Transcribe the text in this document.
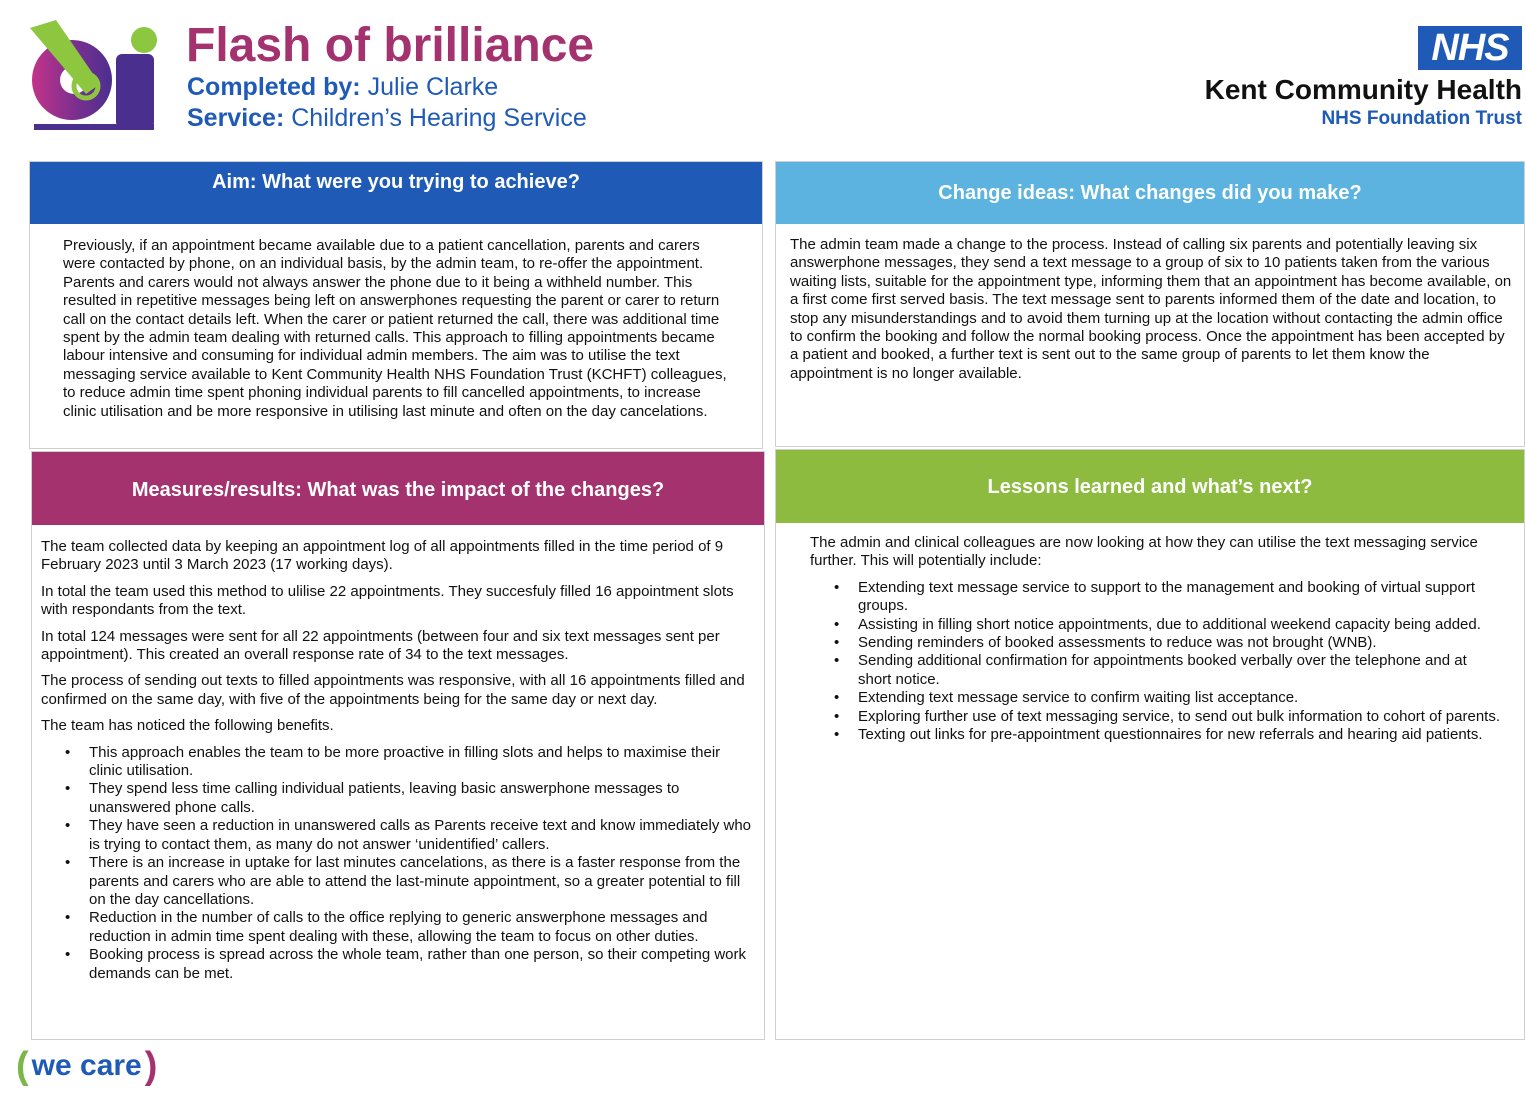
Flash of brilliance
Completed by: Julie Clarke
Service: Children’s Hearing Service
NHS
Kent Community Health
NHS Foundation Trust
Aim: What were you trying to achieve?
Previously, if an appointment became available due to a patient cancellation, parents and carers were contacted by phone, on an individual basis, by the admin team, to re-offer the appointment. Parents and carers would not always answer the phone due to it being a withheld number. This resulted in repetitive messages being left on answerphones requesting the parent or carer to return call on the contact details left. When the carer or patient returned the call, there was additional time spent by the admin team dealing with returned calls. This approach to filling appointments became labour intensive and consuming for individual admin members. The aim was to utilise the text messaging service available to Kent Community Health NHS Foundation Trust (KCHFT) colleagues, to reduce admin time spent phoning individual parents to fill cancelled appointments, to increase clinic utilisation and be more responsive in utilising last minute and often on the day cancelations.
Change ideas: What changes did you make?
The admin team made a change to the process. Instead of calling six parents and potentially leaving six answerphone messages, they send a text message to a group of six to 10 patients taken from the various waiting lists, suitable for the appointment type, informing them that an appointment has become available, on a first come first served basis. The text message sent to parents informed them of the date and location, to stop any misunderstandings and to avoid them turning up at the location without contacting the admin office to confirm the booking and follow the normal booking process. Once the appointment has been accepted by a patient and booked, a further text is sent out to the same group of parents to let them know the appointment is no longer available.
Measures/results: What was the impact of the changes?

The team collected data by keeping an appointment log of all appointments filled in the time period of 9 February 2023 until 3 March 2023 (17 working days).

In total the team used this method to ulilise 22 appointments. They succesfuly filled 16 appointment slots with respondants from the text.

In total 124 messages were sent for all 22 appointments (between four and six text messages sent per appointment). This created an overall response rate of 34 to the text messages.

The process of sending out texts to filled appointments was responsive, with all 16 appointments filled and confirmed on the same day, with five of the appointments being for the same day or next day.

The team has noticed the following benefits.

• This approach enables the team to be more proactive in filling slots and helps to maximise their clinic utilisation.
• They spend less time calling individual patients, leaving basic answerphone messages to unanswered phone calls.
• They have seen a reduction in unanswered calls as Parents receive text and know immediately who is trying to contact them, as many do not answer ‘unidentified’ callers.
• There is an increase in uptake for last minutes cancelations, as there is a faster response from the parents and carers who are able to attend the last-minute appointment, so a greater potential to fill on the day cancellations.
• Reduction in the number of calls to the office replying to generic answerphone messages and reduction in admin time spent dealing with these, allowing the team to focus on other duties.
• Booking process is spread across the whole team, rather than one person, so their competing work demands can be met.
Lessons learned and what’s next?

The admin and clinical colleagues are now looking at how they can utilise the text messaging service further. This will potentially include:

• Extending text message service to support to the management and booking of virtual support groups.
• Assisting in filling short notice appointments, due to additional weekend capacity being added.
• Sending reminders of booked assessments to reduce was not brought (WNB).
• Sending additional confirmation for appointments booked verbally over the telephone and at short notice.
• Extending text message service to confirm waiting list acceptance.
• Exploring further use of text messaging service, to send out bulk information to cohort of parents.
• Texting out links for pre-appointment questionnaires for new referrals and hearing aid patients.
( we care )
